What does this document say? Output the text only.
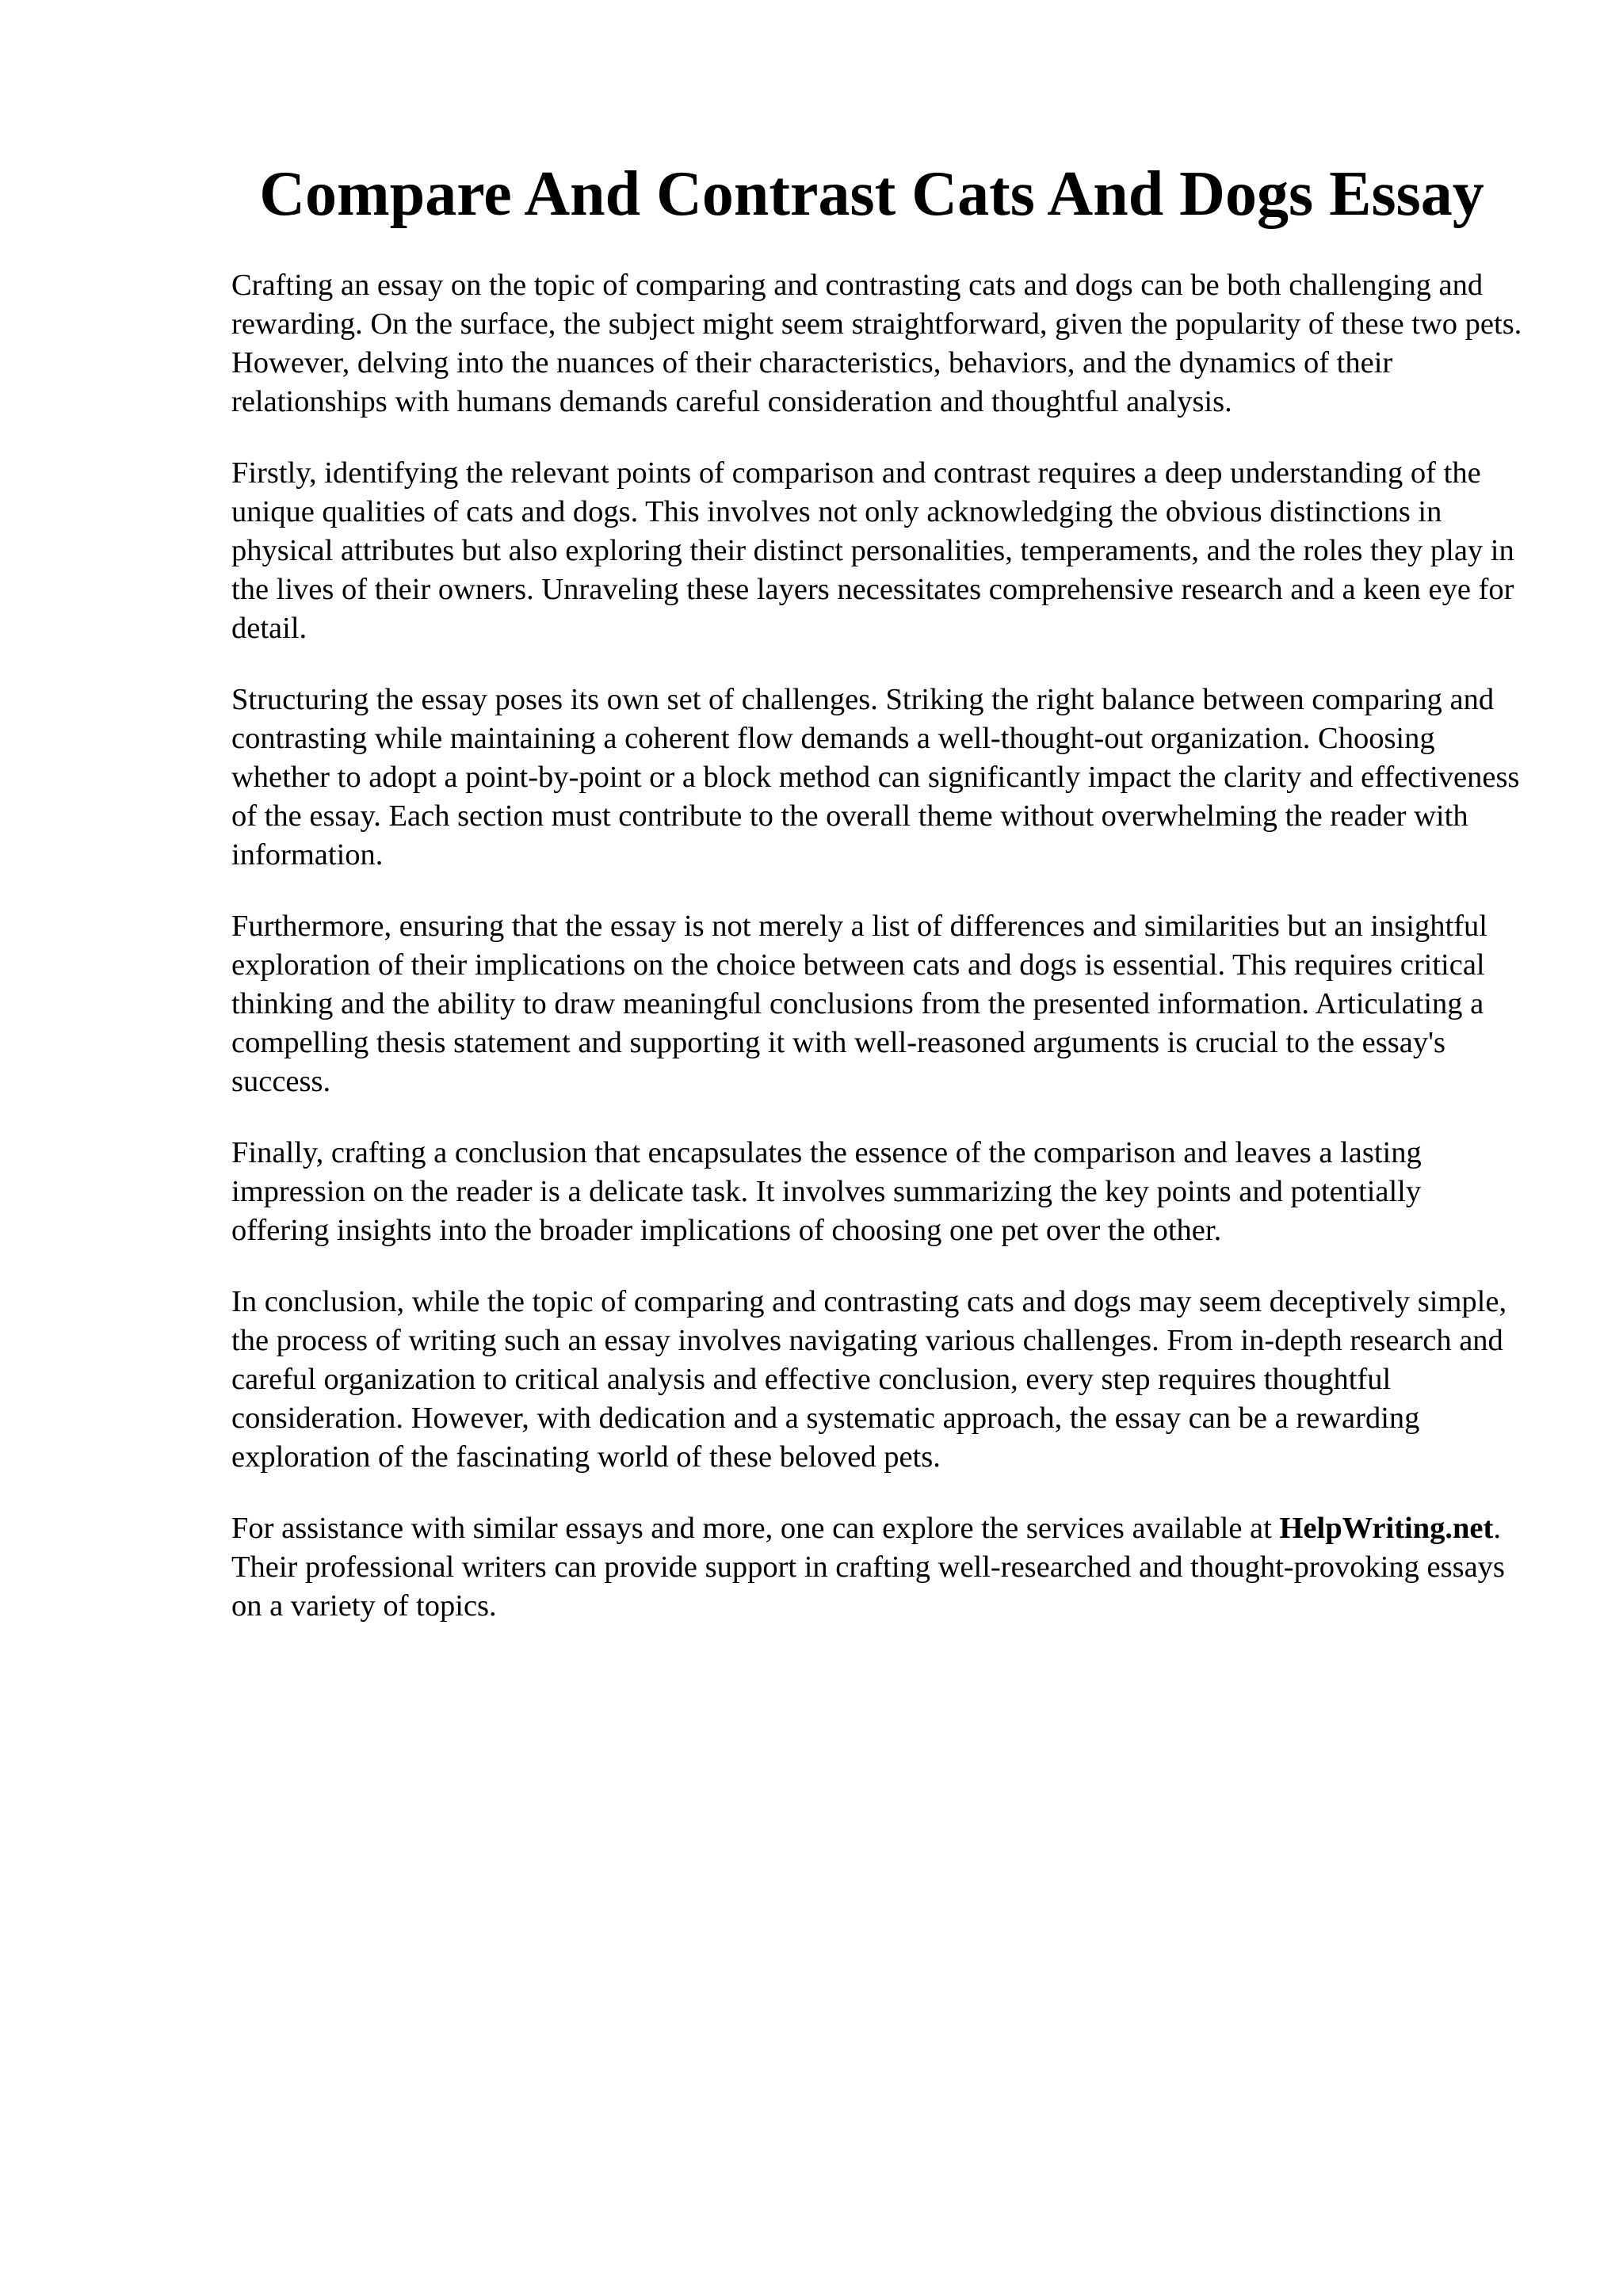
Compare And Contrast Cats And Dogs Essay

Crafting an essay on the topic of comparing and contrasting cats and dogs can be both challenging and rewarding. On the surface, the subject might seem straightforward, given the popularity of these two pets. However, delving into the nuances of their characteristics, behaviors, and the dynamics of their relationships with humans demands careful consideration and thoughtful analysis.

Firstly, identifying the relevant points of comparison and contrast requires a deep understanding of the unique qualities of cats and dogs. This involves not only acknowledging the obvious distinctions in physical attributes but also exploring their distinct personalities, temperaments, and the roles they play in the lives of their owners. Unraveling these layers necessitates comprehensive research and a keen eye for detail.

Structuring the essay poses its own set of challenges. Striking the right balance between comparing and contrasting while maintaining a coherent flow demands a well-thought-out organization. Choosing whether to adopt a point-by-point or a block method can significantly impact the clarity and effectiveness of the essay. Each section must contribute to the overall theme without overwhelming the reader with information.

Furthermore, ensuring that the essay is not merely a list of differences and similarities but an insightful exploration of their implications on the choice between cats and dogs is essential. This requires critical thinking and the ability to draw meaningful conclusions from the presented information. Articulating a compelling thesis statement and supporting it with well-reasoned arguments is crucial to the essay's success.

Finally, crafting a conclusion that encapsulates the essence of the comparison and leaves a lasting impression on the reader is a delicate task. It involves summarizing the key points and potentially offering insights into the broader implications of choosing one pet over the other.

In conclusion, while the topic of comparing and contrasting cats and dogs may seem deceptively simple, the process of writing such an essay involves navigating various challenges. From in-depth research and careful organization to critical analysis and effective conclusion, every step requires thoughtful consideration. However, with dedication and a systematic approach, the essay can be a rewarding exploration of the fascinating world of these beloved pets.

For assistance with similar essays and more, one can explore the services available at HelpWriting.net. Their professional writers can provide support in crafting well-researched and thought-provoking essays on a variety of topics.
